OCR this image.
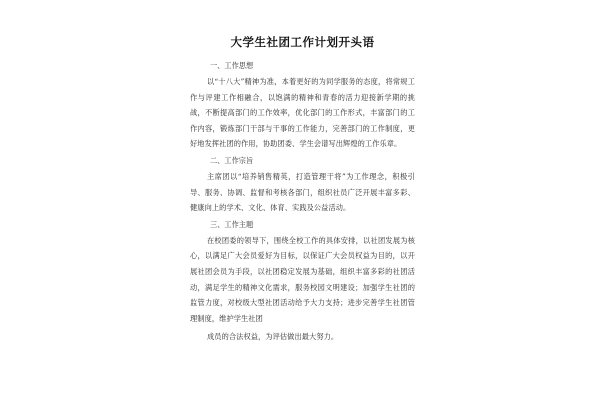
大学生社团工作计划开头语
一、工作思想

以“十八大”精神为准，本着更好的为同学服务的态度，将常规工作与评建工作相融合，以饱满的精神和青春的活力迎接新学期的挑战，不断提高部门的工作效率，优化部门的工作形式，丰富部门的工作内容，锻炼部门干部与干事的工作能力，完善部门的工作制度，更好地发挥社团的作用，协助团委、学生会谱写出辉煌的工作乐章。

二、工作宗旨

主席团以“培养销售精英，打造管理干将”为工作理念，积极引导、服务、协调、监督和考核各部门，组织社员广泛开展丰富多彩、健康向上的学术、文化、体育、实践及公益活动。

三、工作主题

在校团委的领导下，围绕全校工作的具体安排，以社团发展为核心，以满足广大会员爱好为目标，以保证广大会员权益为目的，以开展社团会员为手段，以社团稳定发展为基础，组织丰富多彩的社团活动，满足学生的精神文化需求，服务校园文明建设；加强学生社团的监管力度，对校级大型社团活动给予大力支持；进步完善学生社团管理制度，维护学生社团

成员的合法权益，为评估做出最大努力。
